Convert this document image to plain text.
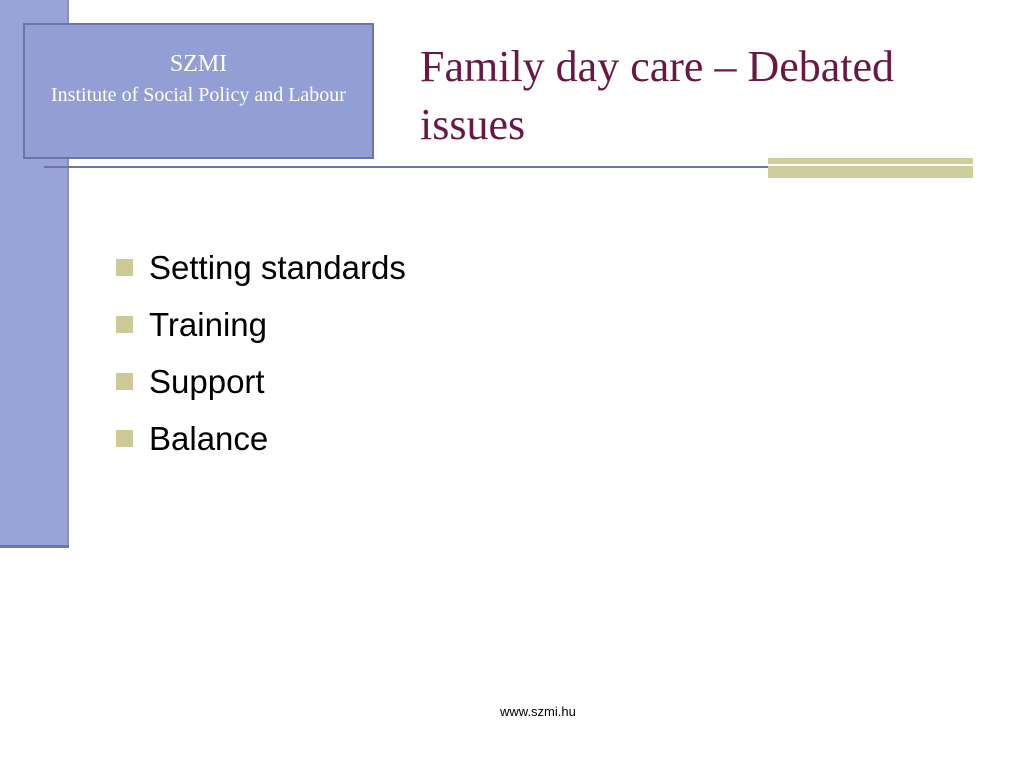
SZMI
Institute of Social Policy and Labour
Family day care – Debated issues
Setting standards
Training
Support
Balance
www.szmi.hu
